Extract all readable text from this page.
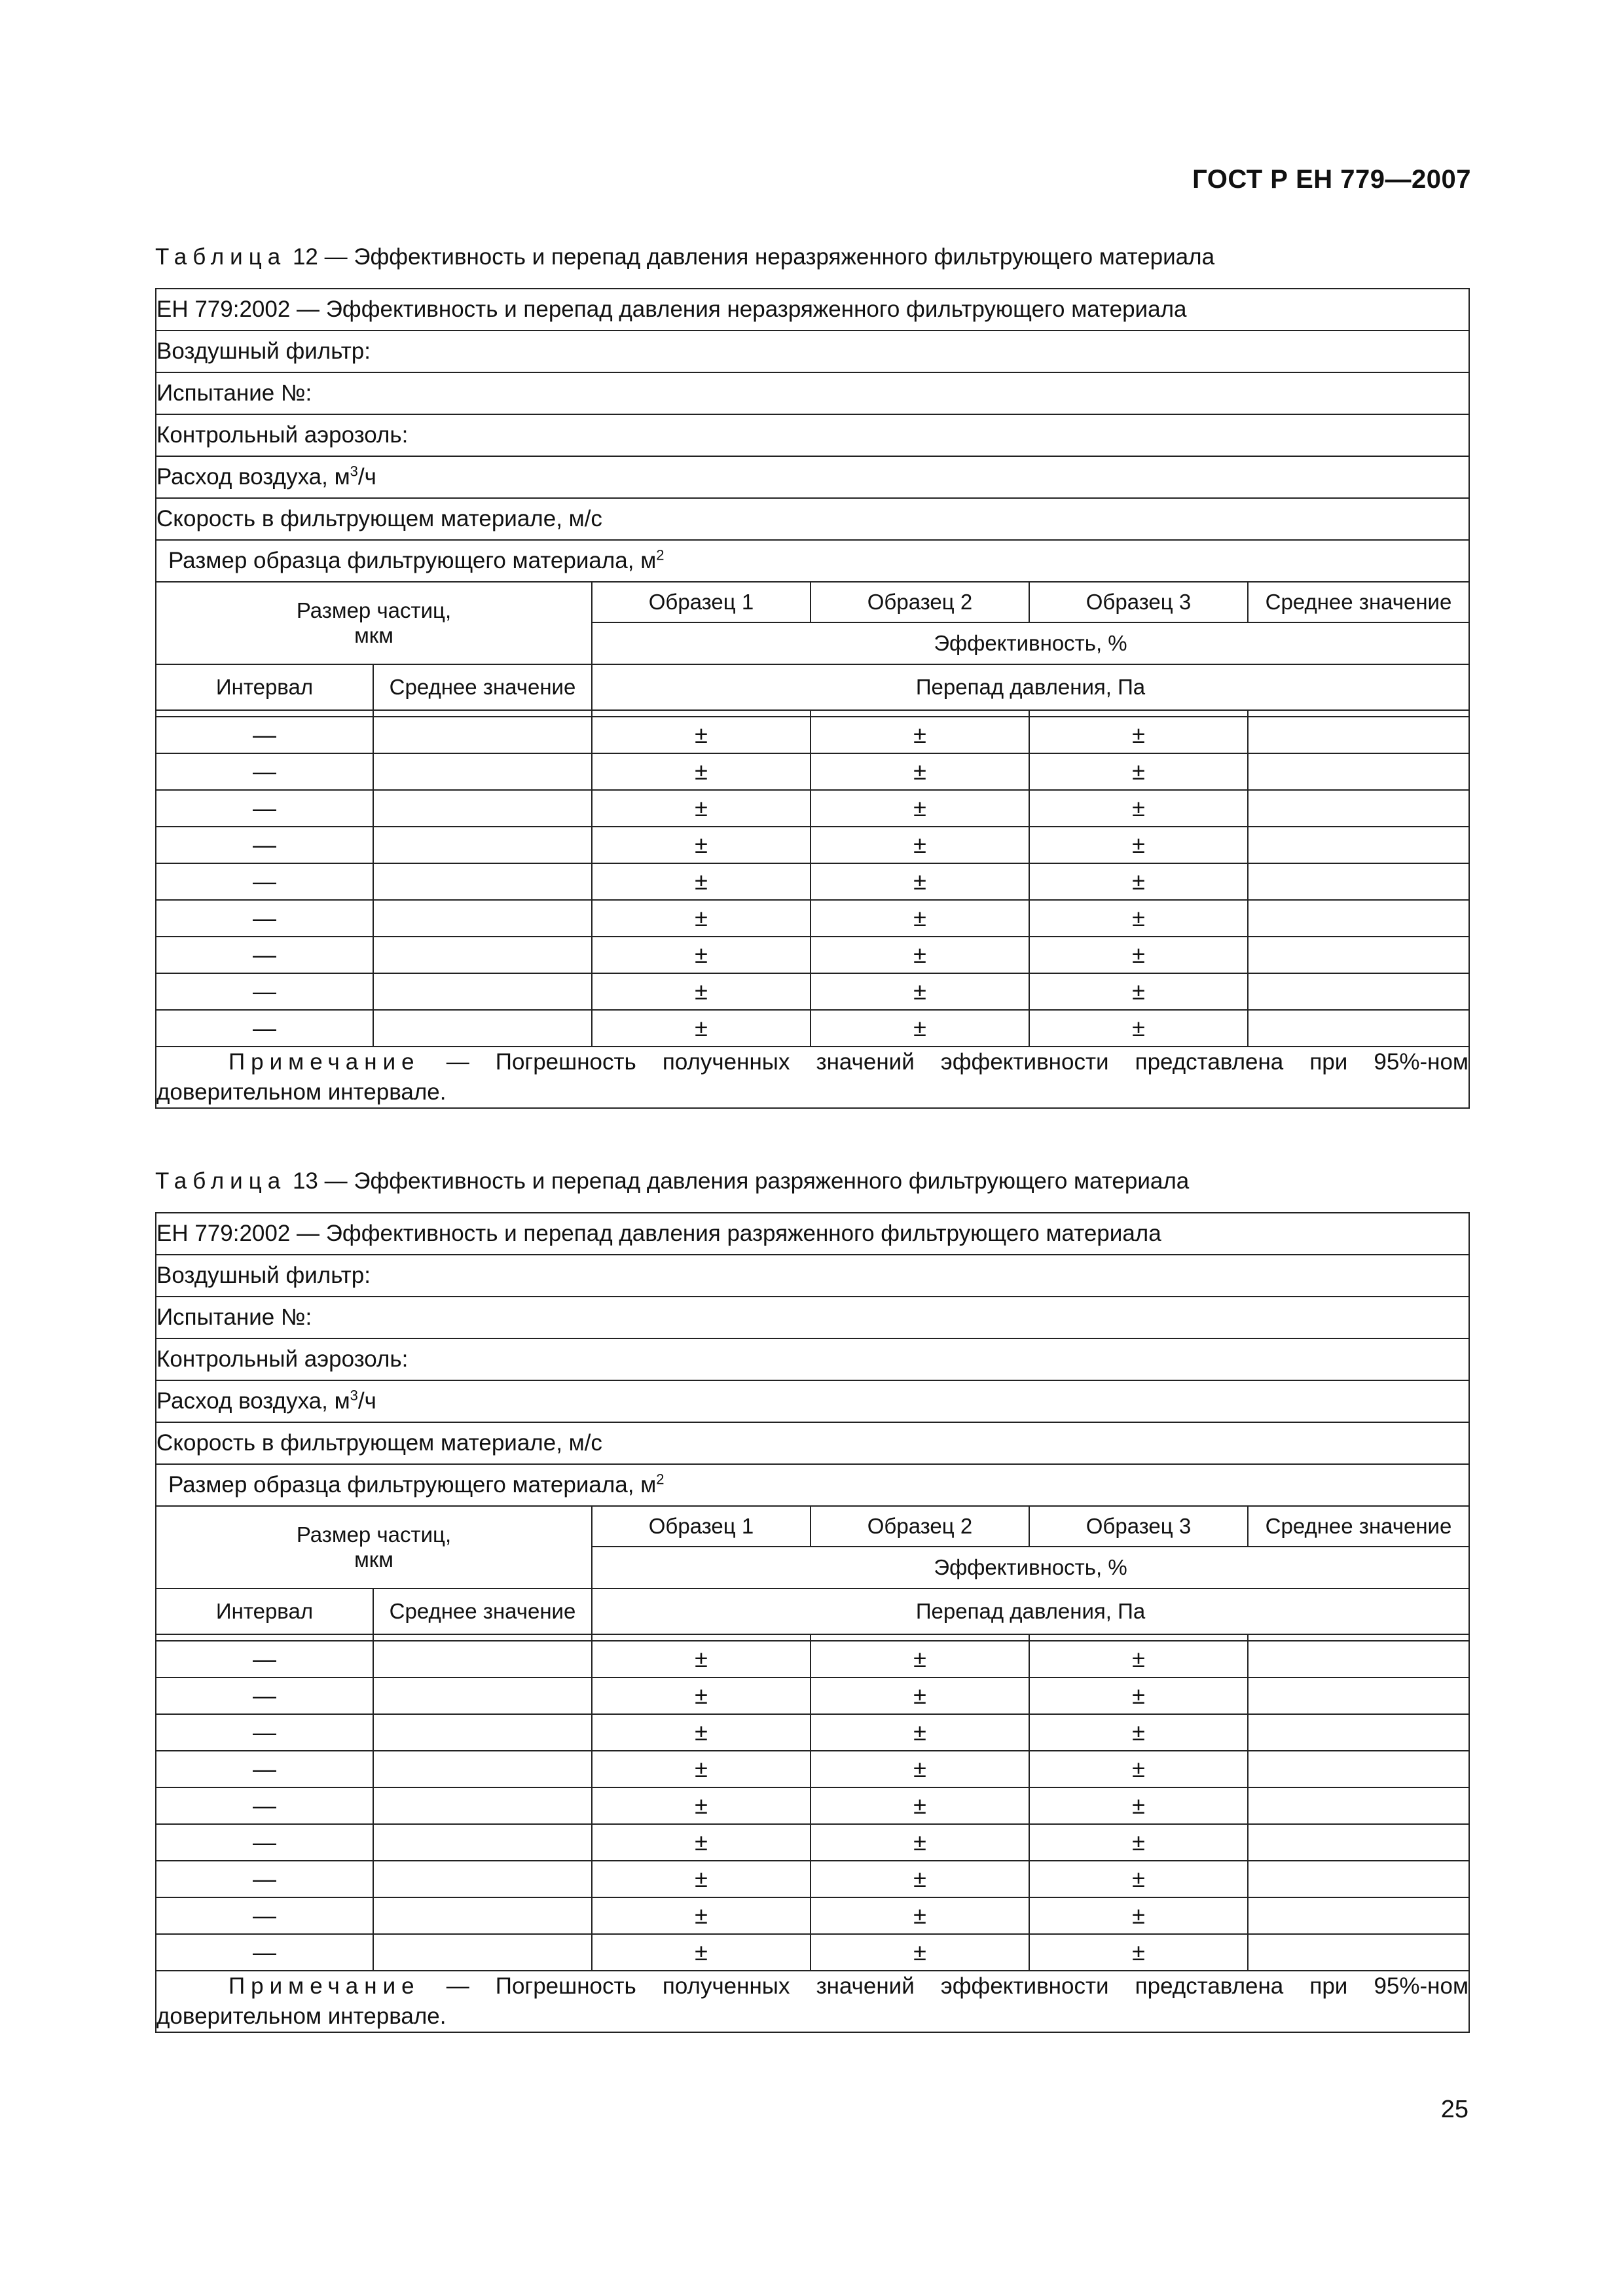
ГОСТ Р ЕН 779—2007
Таблица 12 — Эффективность и перепад давления неразряженного фильтрующего материала
ЕН 779:2002 — Эффективность и перепад давления неразряженного фильтрующего материала					
Воздушный фильтр:					
Испытание №:					
Контрольный аэрозоль:					
Расход воздуха, $м^3/ч$					
Скорость в фильтрующем материале, м/с					
Размер образца фильтрующего материала, $м^2$

Размер частиц,
мкм		Образец 1	Образец 2	Образец 3	Среднее значение
		Эффективность, %			
Интервал	Среднее значение	Перепад давления, Па			

—		±	±	±	
—		±	±	±	
—		±	±	±	
—		±	±	±	
—		±	±	±	
—		±	±	±	
—		±	±	±	
—		±	±	±	
—		±	±	±	

Примечание — Погрешность полученных значений эффективности представлена при 95%-ном
доверительном интервале.					
Таблица 13 — Эффективность и перепад давления разряженного фильтрующего материала
ЕН 779:2002 — Эффективность и перепад давления разряженного фильтрующего материала					
Воздушный фильтр:					
Испытание №:					
Контрольный аэрозоль:					
Расход воздуха, $м^3/ч$					
Скорость в фильтрующем материале, м/с					
Размер образца фильтрующего материала, $м^2$

Размер частиц,
мкм		Образец 1	Образец 2	Образец 3	Среднее значение
		Эффективность, %			
Интервал	Среднее значение	Перепад давления, Па			

—		±	±	±	
—		±	±	±	
—		±	±	±	
—		±	±	±	
—		±	±	±	
—		±	±	±	
—		±	±	±	
—		±	±	±	
—		±	±	±	

Примечание — Погрешность полученных значений эффективности представлена при 95%-ном
доверительном интервале.					
25
